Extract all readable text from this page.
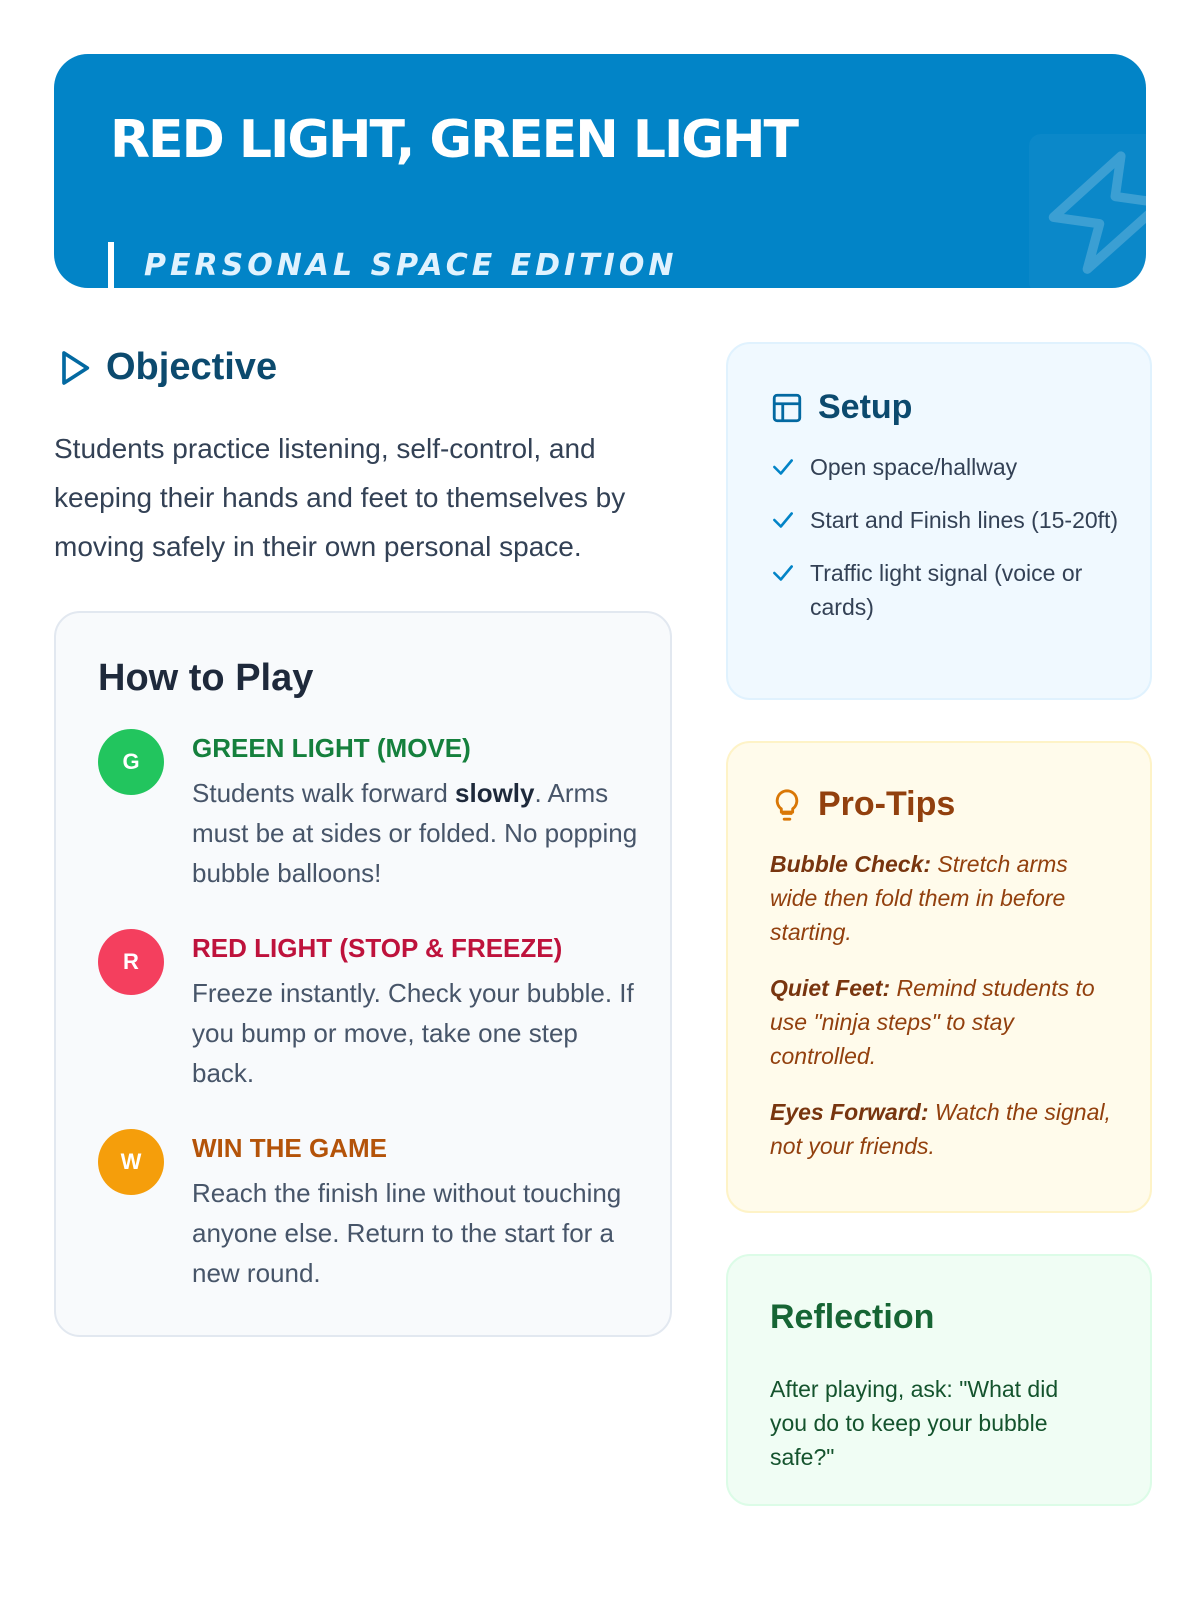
RED LIGHT, GREEN LIGHT
PERSONAL SPACE EDITION
Objective

Students practice listening, self-control, and keeping their hands and feet to themselves by moving safely in their own personal space.

How to Play
G	GREEN LIGHT (MOVE)
Students walk forward slowly. Arms must be at sides or folded. No popping bubble balloons!
R	RED LIGHT (STOP & FREEZE)
Freeze instantly. Check your bubble. If you bump or move, take one step back.
W	WIN THE GAME
Reach the finish line without touching anyone else. Return to the start for a new round.
Setup
Open space/hallway
Start and Finish lines (15-20ft)
Traffic light signal (voice or cards)
Pro-Tips

Bubble Check: Stretch arms wide then fold them in before starting.

Quiet Feet: Remind students to use "ninja steps" to stay controlled.

Eyes Forward: Watch the signal, not your friends.

Reflection

After playing, ask: "What did you do to keep your bubble safe?"
